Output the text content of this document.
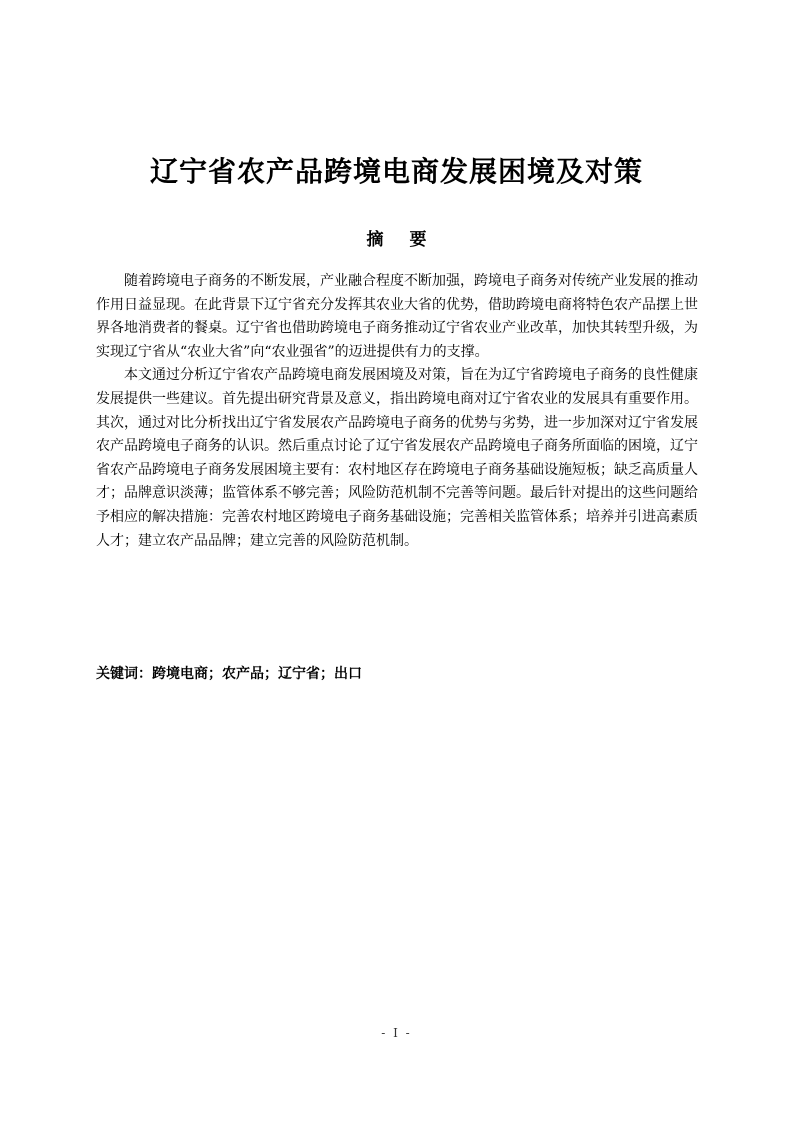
辽宁省农产品跨境电商发展困境及对策
摘要

随着跨境电子商务的不断发展，产业融合程度不断加强，跨境电子商务对传统产业发展的推动作用日益显现。在此背景下辽宁省充分发挥其农业大省的优势，借助跨境电商将特色农产品摆上世界各地消费者的餐桌。辽宁省也借助跨境电子商务推动辽宁省农业产业改革，加快其转型升级，为实现辽宁省从“农业大省”向“农业强省”的迈进提供有力的支撑。

本文通过分析辽宁省农产品跨境电商发展困境及对策，旨在为辽宁省跨境电子商务的良性健康发展提供一些建议。首先提出研究背景及意义，指出跨境电商对辽宁省农业的发展具有重要作用。其次，通过对比分析找出辽宁省发展农产品跨境电子商务的优势与劣势，进一步加深对辽宁省发展农产品跨境电子商务的认识。然后重点讨论了辽宁省发展农产品跨境电子商务所面临的困境，辽宁省农产品跨境电子商务发展困境主要有：农村地区存在跨境电子商务基础设施短板；缺乏高质量人才；品牌意识淡薄；监管体系不够完善；风险防范机制不完善等问题。最后针对提出的这些问题给予相应的解决措施：完善农村地区跨境电子商务基础设施；完善相关监管体系；培养并引进高素质人才；建立农产品品牌；建立完善的风险防范机制。

关键词：跨境电商；农产品；辽宁省；出口

- I -
